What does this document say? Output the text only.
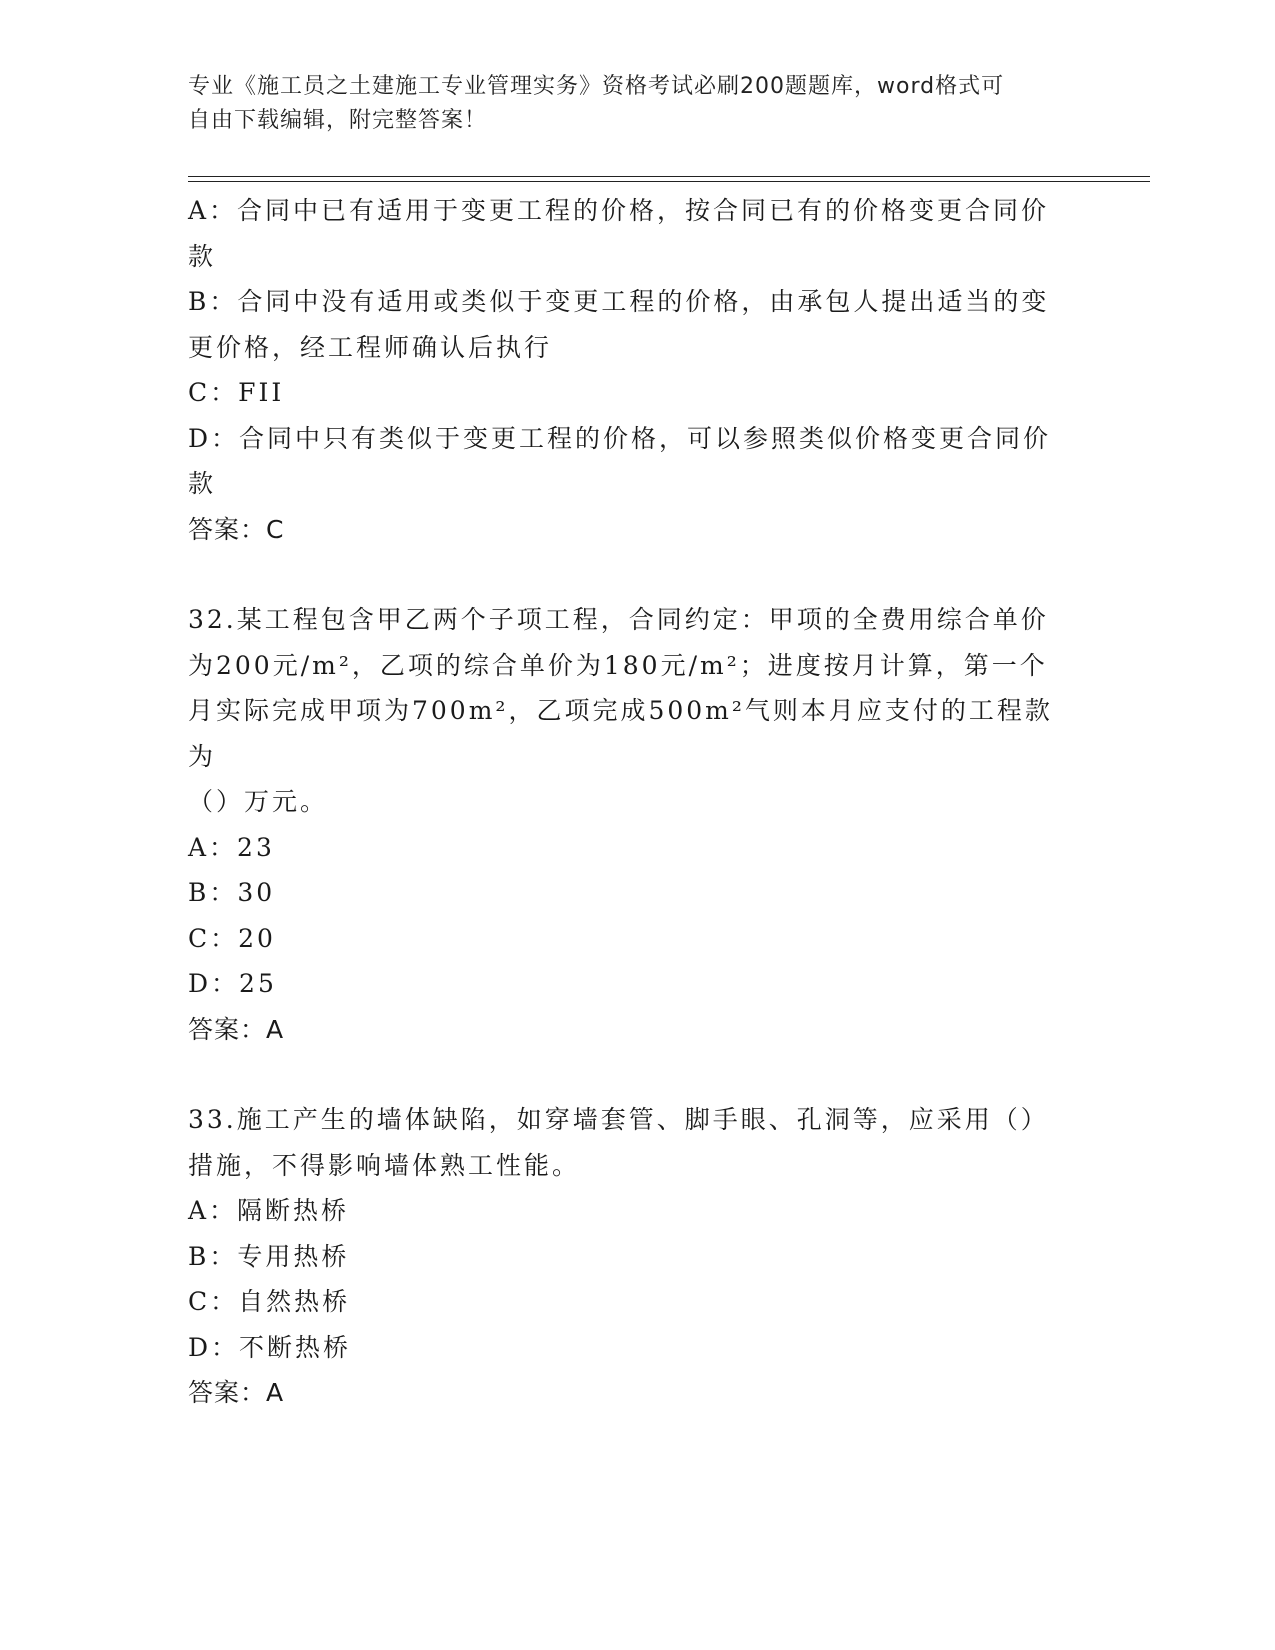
专业《施工员之土建施工专业管理实务》资格考试必刷200题题库，word格式可
自由下载编辑，附完整答案！
A：合同中已有适用于变更工程的价格，按合同已有的价格变更合同价
款
B：合同中没有适用或类似于变更工程的价格，由承包人提出适当的变
更价格，经工程师确认后执行
C：FII
D：合同中只有类似于变更工程的价格，可以参照类似价格变更合同价
款
答案：C
32.某工程包含甲乙两个子项工程，合同约定：甲项的全费用综合单价
为200元/m²，乙项的综合单价为180元/m²；进度按月计算，第一个
月实际完成甲项为700m²，乙项完成500m²气则本月应支付的工程款为
（）万元。
A：23
B：30
C：20
D：25
答案：A
33.施工产生的墙体缺陷，如穿墙套管、脚手眼、孔洞等，应采用（）
措施，不得影响墙体熟工性能。
A：隔断热桥
B：专用热桥
C：自然热桥
D：不断热桥
答案：A
